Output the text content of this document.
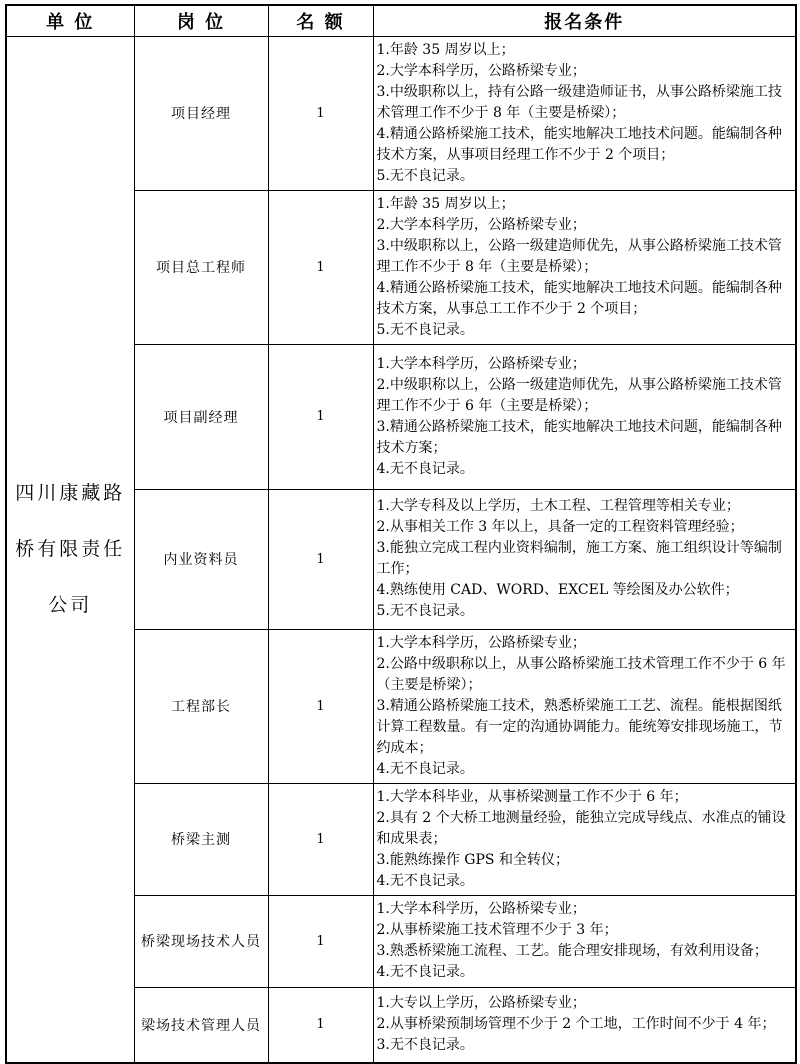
单 位	岗 位	名 额	报名条件

四川康藏路
桥有限责任
公司
	项目经理	1	
1.年龄 35 周岁以上；
2.大学本科学历，公路桥梁专业；
3.中级职称以上，持有公路一级建造师证书，从事公路桥梁施工技术管理工作不少于 8 年（主要是桥梁）；
4.精通公路桥梁施工技术，能实地解决工地技术问题。能编制各种技术方案，从事项目经理工作不少于 2 个项目；
5.无不良记录。

	项目总工程师	1	1.年龄 35 周岁以上；
2.大学本科学历，公路桥梁专业；
3.中级职称以上，公路一级建造师优先，从事公路桥梁施工技术管理工作不少于 8 年（主要是桥梁）；
4.精通公路桥梁施工技术，能实地解决工地技术问题。能编制各种技术方案，从事总工工作不少于 2 个项目；
5.无不良记录。

	项目副经理	1	1.大学本科学历，公路桥梁专业；
2.中级职称以上，公路一级建造师优先，从事公路桥梁施工技术管理工作不少于 6 年（主要是桥梁）；
3.精通公路桥梁施工技术，能实地解决工地技术问题，能编制各种技术方案；
4.无不良记录。

	内业资料员	1	1.大学专科及以上学历，土木工程、工程管理等相关专业；
2.从事相关工作 3 年以上，具备一定的工程资料管理经验；
3.能独立完成工程内业资料编制，施工方案、施工组织设计等编制工作；
4.熟练使用 CAD、WORD、EXCEL 等绘图及办公软件；
5.无不良记录。

	工程部长	1	1.大学本科学历，公路桥梁专业；
2.公路中级职称以上，从事公路桥梁施工技术管理工作不少于 6 年（主要是桥梁）；
3.精通公路桥梁施工技术，熟悉桥梁施工工艺、流程。能根据图纸计算工程数量。有一定的沟通协调能力。能统筹安排现场施工，节约成本；
4.无不良记录。

	桥梁主测	1	1.大学本科毕业，从事桥梁测量工作不少于 6 年；
2.具有 2 个大桥工地测量经验，能独立完成导线点、水准点的铺设和成果表；
3.能熟练操作 GPS 和全转仪；
4.无不良记录。

	桥梁现场技术人员	1	1.大学本科学历，公路桥梁专业；
2.从事桥梁施工技术管理不少于 3 年；
3.熟悉桥梁施工流程、工艺。能合理安排现场，有效利用设备；
4.无不良记录。

	梁场技术管理人员	1	1.大专以上学历，公路桥梁专业；
2.从事桥梁预制场管理不少于 2 个工地，工作时间不少于 4 年；
3.无不良记录。
